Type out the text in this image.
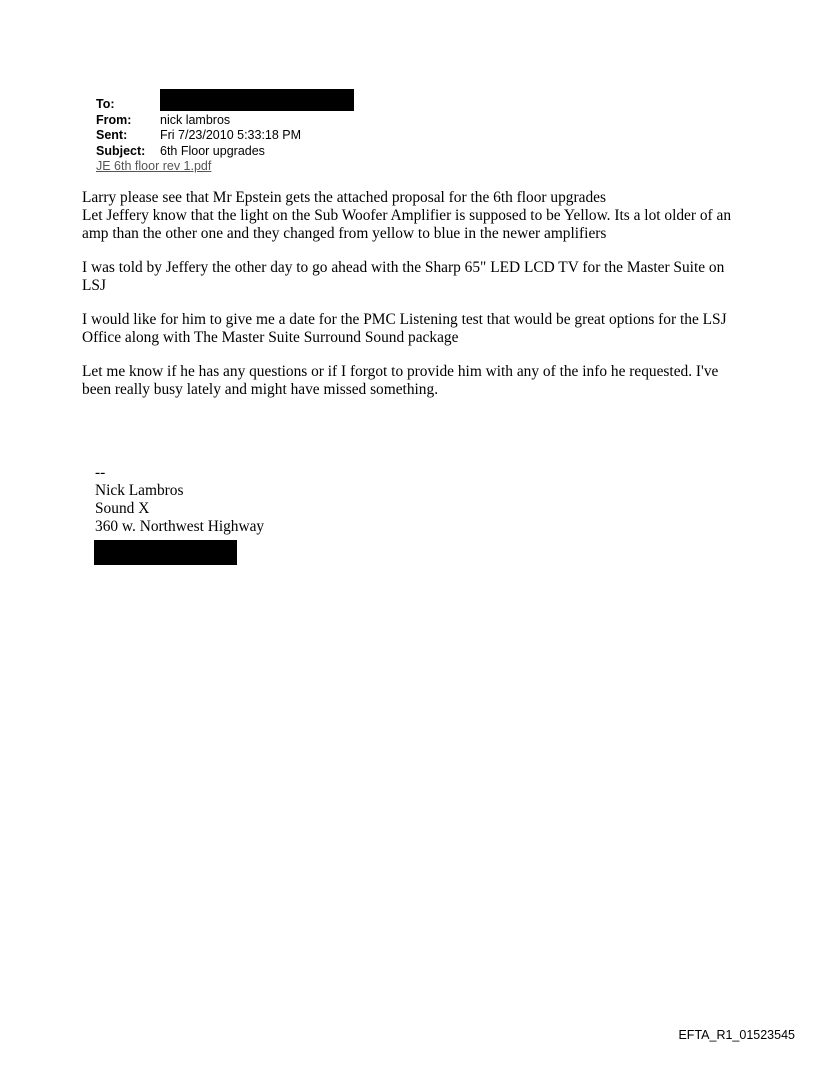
To:
From:	nick lambros
Sent:	Fri 7/23/2010 5:33:18 PM
Subject:	6th Floor upgrades
JE 6th floor rev 1.pdf

Larry please see that Mr Epstein gets the attached proposal for the 6th floor upgrades
Let Jeffery know that the light on the Sub Woofer Amplifier is supposed to be Yellow. Its a lot older of an amp than the other one and they changed from yellow to blue in the newer amplifiers

I was told by Jeffery the other day to go ahead with the Sharp 65" LED LCD TV for the Master Suite on LSJ

I would like for him to give me a date for the PMC Listening test that would be great options for the LSJ Office along with The Master Suite Surround Sound package

Let me know if he has any questions or if I forgot to provide him with any of the info he requested. I've been really busy lately and might have missed something.

--
Nick Lambros
Sound X
360 w. Northwest Highway
EFTA_R1_01523545
